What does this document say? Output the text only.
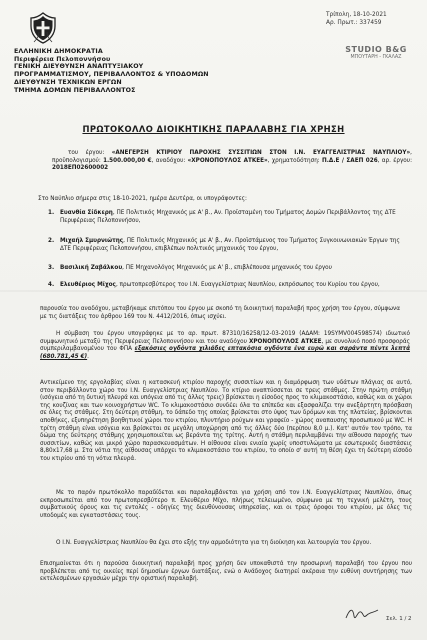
ΕΛΛΗΝΙΚΗ ΔΗΜΟΚΡΑΤΙΑ
Περιφέρεια Πελοποννήσου
ΓΕΝΙΚΗ ΔΙΕΥΘΥΝΣΗ ΑΝΑΠΤΥΞΙΑΚΟΥ
ΠΡΟΓΡΑΜΜΑΤΙΣΜΟΥ, ΠΕΡΙΒΑΛΛΟΝΤΟΣ & ΥΠΟΔΟΜΩΝ
ΔΙΕΥΘΥΝΣΗ ΤΕΧΝΙΚΩΝ ΕΡΓΩΝ
ΤΜΗΜΑ ΔΟΜΩΝ ΠΕΡΙΒΑΛΛΟΝΤΟΣ
Τρίπολη, 18-10-2021
Αρ. Πρωτ.: 337459
STUDIO B&G
ΜΠΟΥΤΑΡΗ - ΓΚΑΛΑΖ
ΠΡΩΤΟΚΟΛΛΟ ΔΙΟΙΚΗΤΙΚΗΣ ΠΑΡΑΛΑΒΗΣ ΓΙΑ ΧΡΗΣΗ
του έργου: «ΑΝΕΓΕΡΣΗ ΚΤΙΡΙΟΥ ΠΑΡΟΧΗΣ ΣΥΣΣΙΤΙΩΝ ΣΤΟΝ Ι.Ν. ΕΥΑΓΓΕΛΙΣΤΡΙΑΣ ΝΑΥΠΛΙΟΥ», προϋπολογισμού: 1.500.000,00 €, αναδόχου: «ΧΡΟΝΟΠΟΥΛΟΣ ΑΤΚΕΕ», χρηματοδότηση: Π.Δ.Ε / ΣΑΕΠ 026, αρ. έργου: 2018ΕΠ02600002
Στο Ναύπλιο σήμερα στις 18-10-2021, ημέρα Δευτέρα, οι υπογράφοντες:
1. Ευανθία Σίδκερη, ΠΕ Πολιτικός Μηχανικός με Α' β., Αν. Προϊσταμένη του Τμήματος Δομών Περιβάλλοντος της ΔΤΕ Περιφέρειας Πελοποννήσου,
2. Μιχαήλ Σμυρνιώτης, ΠΕ Πολιτικός Μηχανικός με Α' β., Αν. Προϊστάμενος του Τμήματος Συγκοινωνιακών Έργων της ΔΤΕ Περιφέρειας Πελοποννήσου, επιβλέπων πολιτικός μηχανικός του έργου,
3. Βασιλική Ζαβάλκου, ΠΕ Μηχανολόγος Μηχανικός με Α' β., επιβλέπουσα μηχανικός του έργου
4. Ελευθέριος Μίχος, πρωτοπρεσβύτερος του Ι.Ν. Ευαγγελίστριας Ναυπλίου, εκπρόσωπος του Κυρίου του έργου,
παρουσία του αναδόχου, μεταβήκαμε επιτόπου του έργου με σκοπό τη διοικητική παραλαβή προς χρήση του έργου, σύμφωνα με τις διατάξεις του άρθρου 169 του Ν. 4412/2016, όπως ισχύει.
Η σύμβαση του έργου υπογράφηκε με το αρ. πρωτ. 87310/16258/12-03-2019 (ΑΔΑΜ: 19SYMV004598574) ιδιωτικό συμφωνητικό μεταξύ της Περιφέρειας Πελοποννήσου και του αναδόχου ΧΡΟΝΟΠΟΥΛΟΣ ΑΤΚΕΕ, με συνολικό ποσό προσφοράς συμπεριλαμβανομένου του ΦΠΑ εξακόσιες ογδόντα χιλιάδες επτακόσια ογδόντα ένα ευρώ και σαράντα πέντε λεπτά (680.781,45 €).
Αντικείμενο της εργολαβίας είναι η κατασκευή κτιρίου παροχής συσσιτίων και η διαμόρφωση των υδάτων πλάγιας σε αυτό, στον περιβάλλοντα χώρο του Ι.Ν. Ευαγγελίστριας Ναυπλίου. Το κτίριο αναπτύσσεται σε τρεις στάθμες. Στην πρώτη στάθμη (ισόγεια από τη δυτική πλευρά και υπόγεια από τις άλλες τρεις) βρίσκεται η είσοδος προς το κλιμακοστάσιο, καθώς και οι χώροι της κουζίνας και των κοινοχρήστων WC. Το κλιμακοστάσιο συνδέει όλα τα επίπεδα και εξασφαλίζει την ανεξάρτητη πρόσβαση σε όλες τις στάθμες. Στη δεύτερη στάθμη, το δάπεδο της οποίας βρίσκεται στο ύψος των δρόμων και της πλατείας, βρίσκονται αποθήκες, εξυπηρέτηση βοηθητικοί χώροι του κτιρίου, πλυντήριο ρούχων και γραφείο - χώρος αναπαυσης προσωπικού με WC. Η τρίτη στάθμη είναι ισόγεια και βρίσκεται σε μεγάλη υποχώρηση από τις άλλες δύο (περίπου 8,0 μ.). Κατ' αυτόν τον τρόπο, τα δώμα της δεύτερης στάθμης χρησιμοποιείται ως βεράντα της τρίτης. Αυτή η στάθμη περιλαμβάνει την αίθουσα παροχής των συσσιτίων, καθώς και μικρό χώρο παρασκευασμάτων. Η αίθουσα είναι ενιαία χωρίς υποστυλώματα με εσωτερικές διαστάσεις 8,80x17,68 μ. Στα νότια της αίθουσας υπάρχει το κλιμακοστάσιο του κτιρίου, το οποίο σ' αυτή τη θέση έχει τη δεύτερη είσοδο του κτιρίου από τη νότια πλευρά.
Με το παρόν πρωτόκολλο παραδίδεται και παραλαμβάνεται για χρήση από τον Ι.Ν. Ευαγγελίστριας Ναυπλίου, όπως εκπροσωπείται από τον πρωτοπρεσβύτερο π. Ελευθέριο Μίχο, πλήρως τελειωμένο, σύμφωνα με τη τεχνική μελέτη, τους συμβατικούς όρους και τις εντολές - οδηγίες της διευθύνουσας υπηρεσίας, και οι τρεις όροφοι του κτιρίου, με όλες τις υποδομές και εγκαταστάσεις τους.
Ο Ι.Ν. Ευαγγελίστριας Ναυπλίου θα έχει στο εξής την αρμοδιότητα για τη διοίκηση και λειτουργία του έργου.
Επισημαίνεται ότι η παρούσα διοικητική παραλαβή προς χρήση δεν υποκαθιστά την προσωρινή παραλαβή του έργου που προβλέπεται από τις οικείες περί δημοσίων έργων διατάξεις, ενώ ο Ανάδοχος διατηρεί ακέραια την ευθύνη συντήρησης των εκτελεσμένων εργασιών μέχρι την οριστική παραλαβή.
Σελ. 1 / 2
